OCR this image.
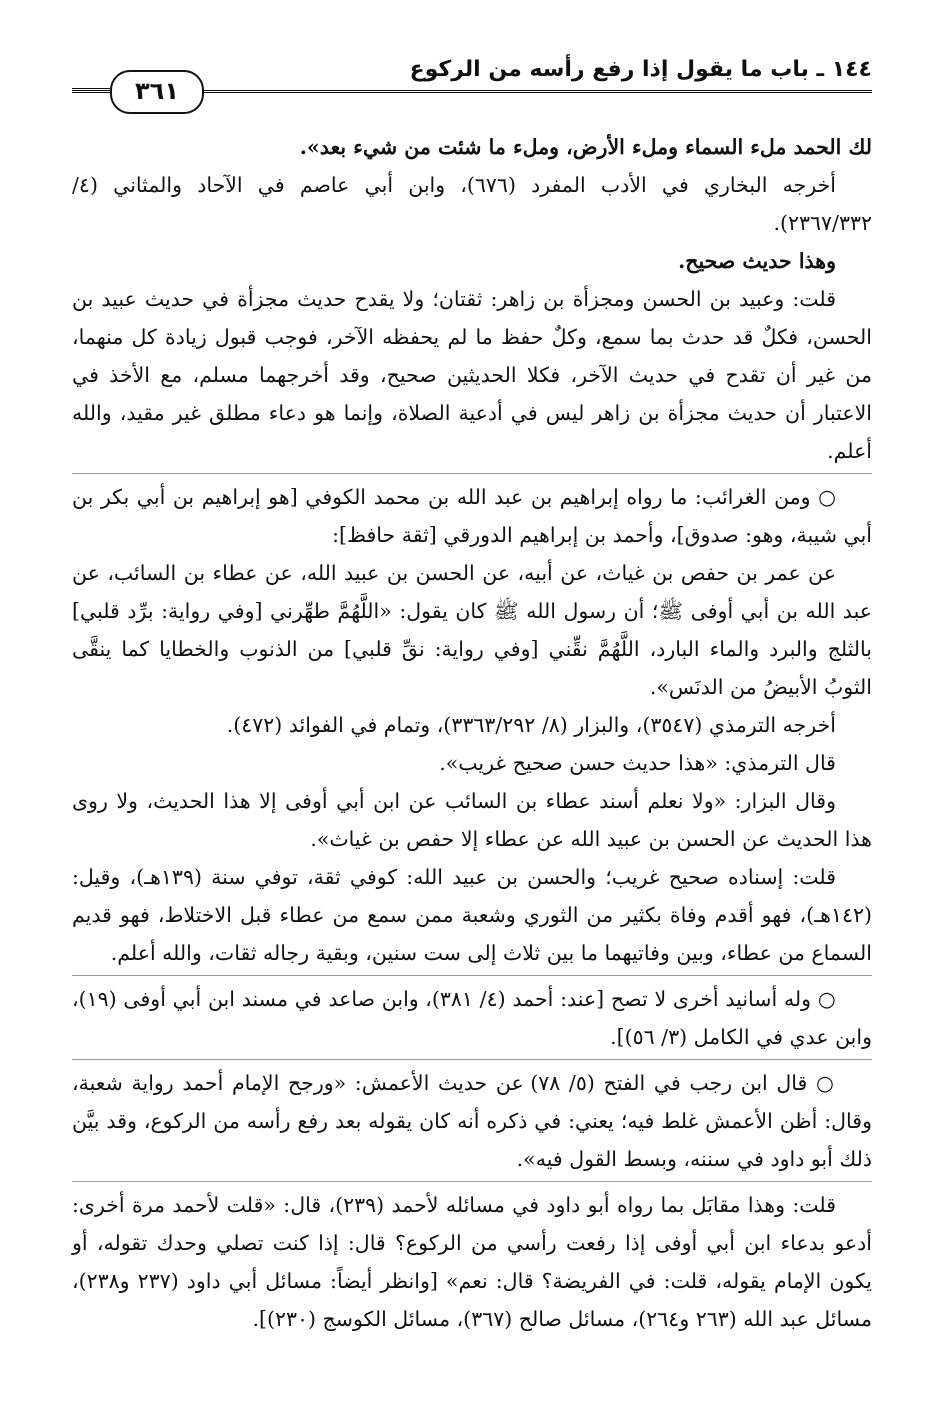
١٤٤ ـ باب ما يقول إذا رفع رأسه من الركوع
٣٦١

لك الحمد ملء السماء وملء الأرض، وملء ما شئت من شيء بعد».

أخرجه البخاري في الأدب المفرد (٦٧٦)، وابن أبي عاصم في الآحاد والمثاني (٤/ ٢٣٦٧/٣٣٢).

وهذا حديث صحيح.

قلت: وعبيد بن الحسن ومجزأة بن زاهر: ثقتان؛ ولا يقدح حديث مجزأة في حديث عبيد بن الحسن، فكلٌ قد حدث بما سمع، وكلٌ حفظ ما لم يحفظه الآخر، فوجب قبول زيادة كل منهما، من غير أن تقدح في حديث الآخر، فكلا الحديثين صحيح، وقد أخرجهما مسلم، مع الأخذ في الاعتبار أن حديث مجزأة بن زاهر ليس في أدعية الصلاة، وإنما هو دعاء مطلق غير مقيد، والله أعلم.

○ ومن الغرائب: ما رواه إبراهيم بن عبد الله بن محمد الكوفي [هو إبراهيم بن أبي بكر بن أبي شيبة، وهو: صدوق]، وأحمد بن إبراهيم الدورقي [ثقة حافظ]:

عن عمر بن حفص بن غياث، عن أبيه، عن الحسن بن عبيد الله، عن عطاء بن السائب، عن عبد الله بن أبي أوفى ﷺ؛ أن رسول الله ﷺ كان يقول: «اللَّهُمَّ طهِّرني [وفي رواية: برِّد قلبي] بالثلج والبرد والماء البارد، اللَّهُمَّ نقِّني [وفي رواية: نقِّ قلبي] من الذنوب والخطايا كما ينقَّى الثوبُ الأبيضُ من الدنَس».

أخرجه الترمذي (٣٥٤٧)، والبزار (٨/ ٣٣٦٣/٢٩٢)، وتمام في الفوائد (٤٧٢).

قال الترمذي: «هذا حديث حسن صحيح غريب».

وقال البزار: «ولا نعلم أسند عطاء بن السائب عن ابن أبي أوفى إلا هذا الحديث، ولا روى هذا الحديث عن الحسن بن عبيد الله عن عطاء إلا حفص بن غياث».

قلت: إسناده صحيح غريب؛ والحسن بن عبيد الله: كوفي ثقة، توفي سنة (١٣٩هـ)، وقيل: (١٤٢هـ)، فهو أقدم وفاة بكثير من الثوري وشعبة ممن سمع من عطاء قبل الاختلاط، فهو قديم السماع من عطاء، وبين وفاتيهما ما بين ثلاث إلى ست سنين، وبقية رجاله ثقات، والله أعلم.

○ وله أسانيد أخرى لا تصح [عند: أحمد (٤/ ٣٨١)، وابن صاعد في مسند ابن أبي أوفى (١٩)، وابن عدي في الكامل (٣/ ٥٦)].

○ قال ابن رجب في الفتح (٥/ ٧٨) عن حديث الأعمش: «ورجح الإمام أحمد رواية شعبة، وقال: أظن الأعمش غلط فيه؛ يعني: في ذكره أنه كان يقوله بعد رفع رأسه من الركوع، وقد بيَّن ذلك أبو داود في سننه، وبسط القول فيه».

قلت: وهذا مقابَل بما رواه أبو داود في مسائله لأحمد (٢٣٩)، قال: «قلت لأحمد مرة أخرى: أدعو بدعاء ابن أبي أوفى إذا رفعت رأسي من الركوع؟ قال: إذا كنت تصلي وحدك تقوله، أو يكون الإمام يقوله، قلت: في الفريضة؟ قال: نعم» [وانظر أيضاً: مسائل أبي داود (٢٣٧ و٢٣٨)، مسائل عبد الله (٢٦٣ و٢٦٤)، مسائل صالح (٣٦٧)، مسائل الكوسج (٢٣٠)].
